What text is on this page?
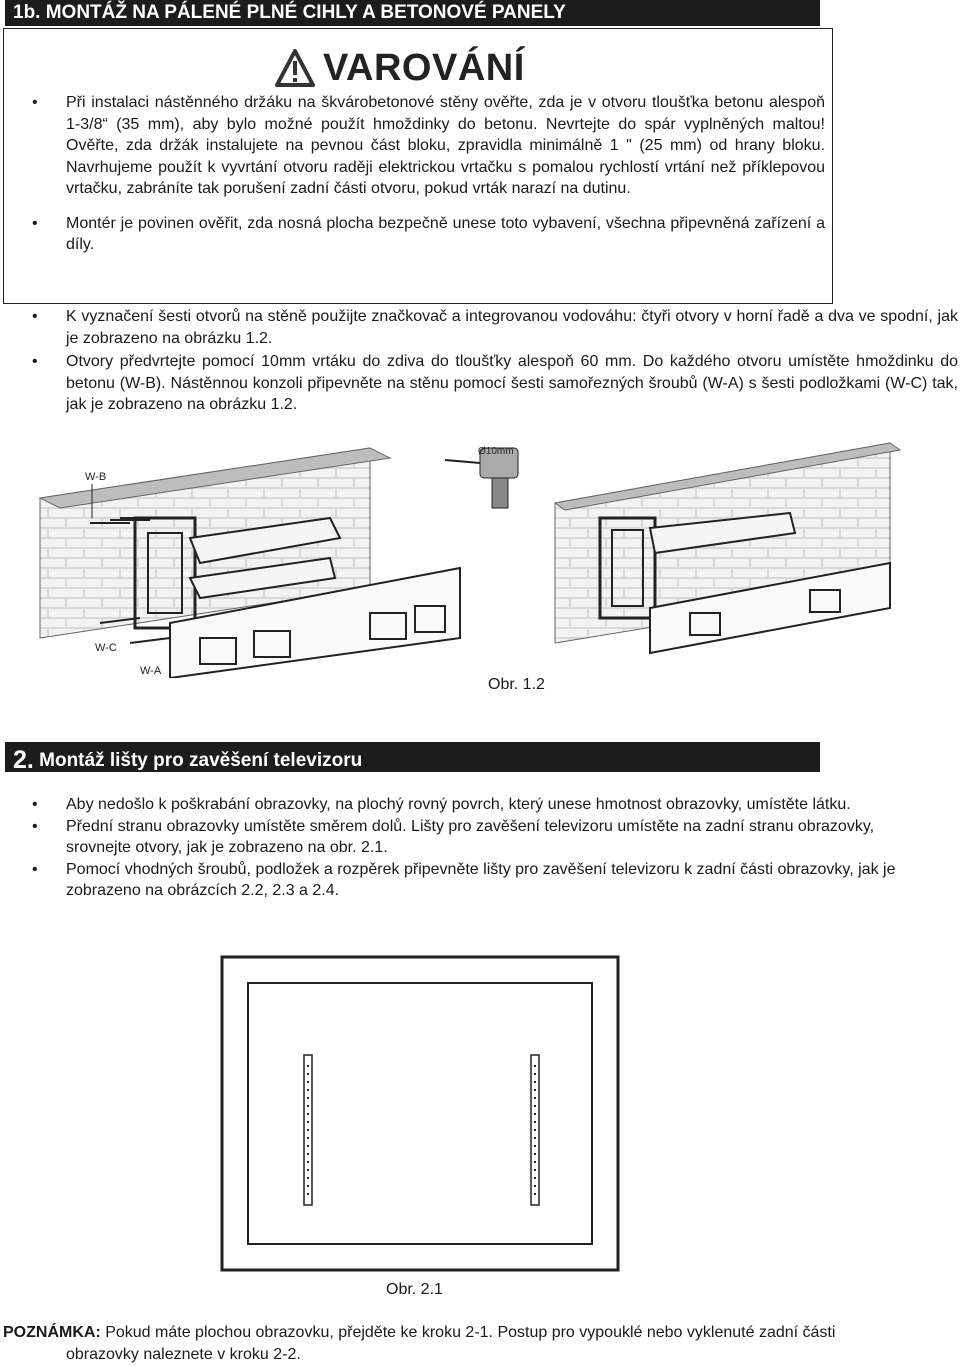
1b. MONTÁŽ NA PÁLENÉ PLNÉ CIHLY A BETONOVÉ PANELY
VAROVÁNÍ
• Při instalaci nástěnného držáku na škvárobetonové stěny ověřte, zda je v otvoru tloušťka betonu alespoň 1-3/8“ (35 mm), aby bylo možné použít hmoždinky do betonu. Nevrtejte do spár vyplněných maltou! Ověřte, zda držák instalujete na pevnou část bloku, zpravidla minimálně 1 " (25 mm) od hrany bloku. Navrhujeme použít k vyvrtání otvoru raději elektrickou vrtačku s pomalou rychlostí vrtání než příklepovou vrtačku, zabráníte tak porušení zadní části otvoru, pokud vrták narazí na dutinu.
• Montér je povinen ověřit, zda nosná plocha bezpečně unese toto vybavení, všechna připevněná zařízení a díly.
• K vyznačení šesti otvorů na stěně použijte značkovač a integrovanou vodováhu: čtyři otvory v horní řadě a dva ve spodní, jak je zobrazeno na obrázku 1.2.
• Otvory předvrtejte pomocí 10mm vrtáku do zdiva do tloušťky alespoň 60 mm. Do každého otvoru umístěte hmoždinku do betonu (W-B). Nástěnnou konzoli připevněte na stěnu pomocí šesti samořezných šroubů (W-A) s šesti podložkami (W-C) tak, jak je zobrazeno na obrázku 1.2.
W-B
W-C
W-A
Ø10mm
Obr. 1.2
2. Montáž lišty pro zavěšení televizoru
• Aby nedošlo k poškrabání obrazovky, na plochý rovný povrch, který unese hmotnost obrazovky, umístěte látku.
• Přední stranu obrazovky umístěte směrem dolů. Lišty pro zavěšení televizoru umístěte na zadní stranu obrazovky, srovnejte otvory, jak je zobrazeno na obr. 2.1.
• Pomocí vhodných šroubů, podložek a rozpěrek připevněte lišty pro zavěšení televizoru k zadní části obrazovky, jak je zobrazeno na obrázcích 2.2, 2.3 a 2.4.
Obr. 2.1
POZNÁMKA: Pokud máte plochou obrazovku, přejděte ke kroku 2-1. Postup pro vypouklé nebo vyklenuté zadní části
obrazovky naleznete v kroku 2-2.
